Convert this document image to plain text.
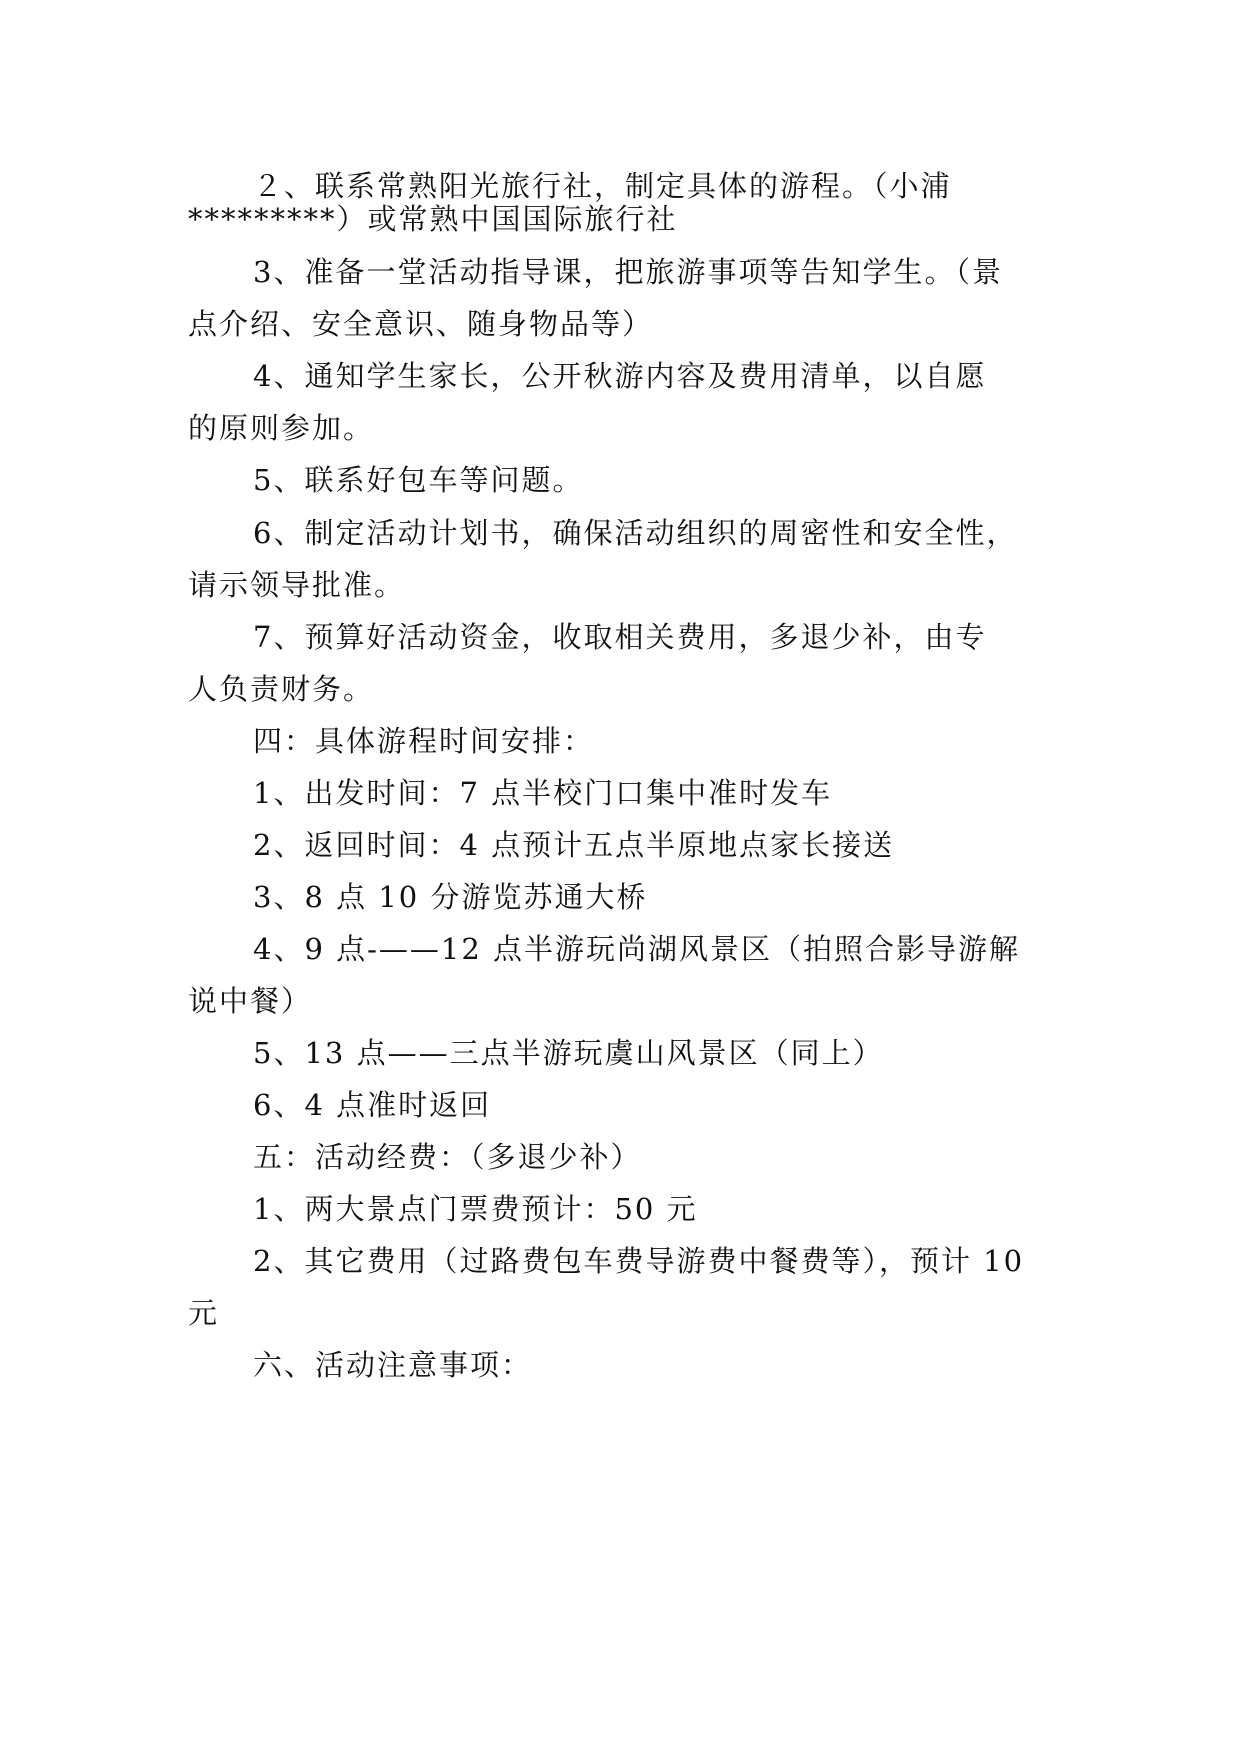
２、联系常熟阳光旅行社，制定具体的游程。（小浦
*********）或常熟中国国际旅行社
3、准备一堂活动指导课，把旅游事项等告知学生。（景
点介绍、安全意识、随身物品等）
4、通知学生家长，公开秋游内容及费用清单，以自愿
的原则参加。
5、联系好包车等问题。
6、制定活动计划书，确保活动组织的周密性和安全性，
请示领导批准。
7、预算好活动资金，收取相关费用，多退少补，由专
人负责财务。
四：具体游程时间安排：
1、出发时间：7 点半校门口集中准时发车
2、返回时间：4 点预计五点半原地点家长接送
3、8 点 10 分游览苏通大桥
4、9 点-——12 点半游玩尚湖风景区（拍照合影导游解
说中餐）
5、13 点——三点半游玩虞山风景区（同上）
6、4 点准时返回
五：活动经费：（多退少补）
1、两大景点门票费预计：50 元
2、其它费用（过路费包车费导游费中餐费等），预计 10
元
六、活动注意事项：
